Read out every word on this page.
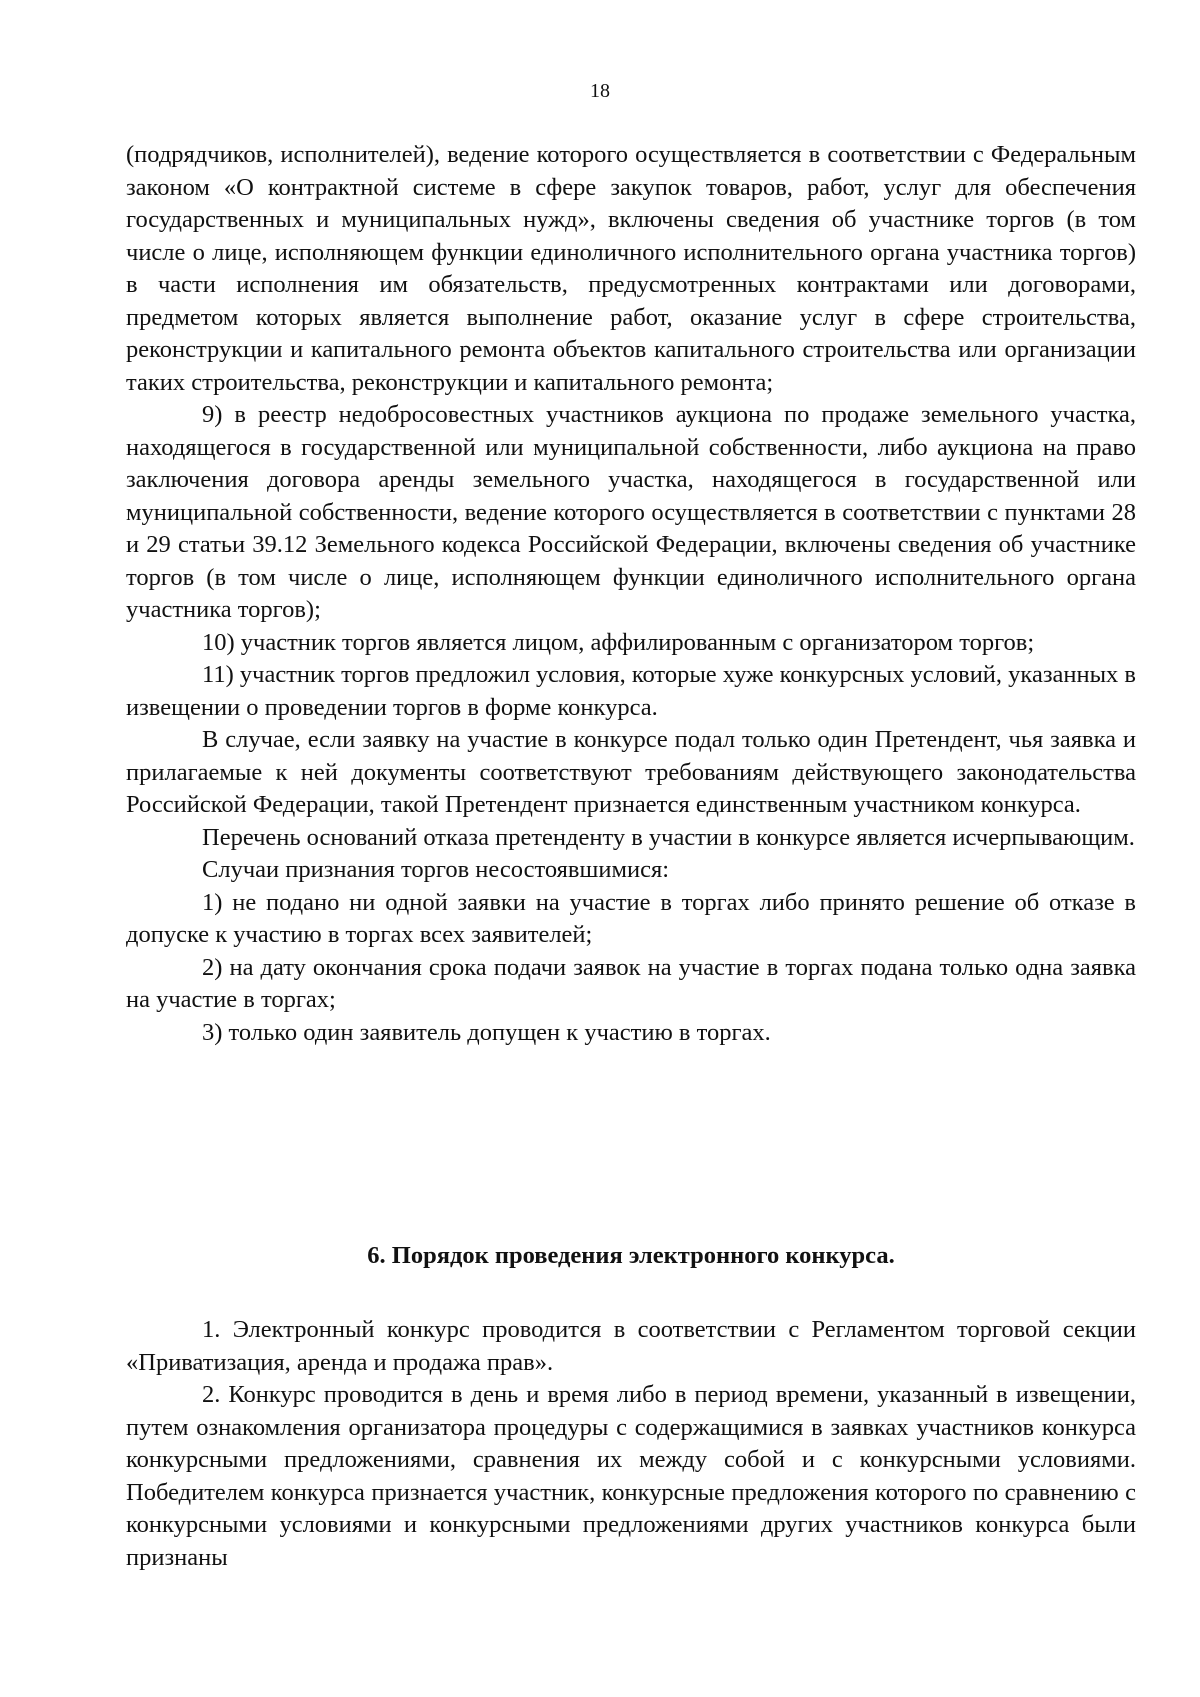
18

(подрядчиков, исполнителей), ведение которого осуществляется в соответствии с Федеральным законом «О контрактной системе в сфере закупок товаров, работ, услуг для обеспечения государственных и муниципальных нужд», включены сведения об участнике торгов (в том числе о лице, исполняющем функции единоличного исполнительного органа участника торгов) в части исполнения им обязательств, предусмотренных контрактами или договорами, предметом которых является выполнение работ, оказание услуг в сфере строительства, реконструкции и капитального ремонта объектов капитального строительства или организации таких строительства, реконструкции и капитального ремонта;

9) в реестр недобросовестных участников аукциона по продаже земельного участка, находящегося в государственной или муниципальной собственности, либо аукциона на право заключения договора аренды земельного участка, находящегося в государственной или муниципальной собственности, ведение которого осуществляется в соответствии с пунктами 28 и 29 статьи 39.12 Земельного кодекса Российской Федерации, включены сведения об участнике торгов (в том числе о лице, исполняющем функции единоличного исполнительного органа участника торгов);

10) участник торгов является лицом, аффилированным с организатором торгов;

11) участник торгов предложил условия, которые хуже конкурсных условий, указанных в извещении о проведении торгов в форме конкурса.

В случае, если заявку на участие в конкурсе подал только один Претендент, чья заявка и прилагаемые к ней документы соответствуют требованиям действующего законодательства Российской Федерации, такой Претендент признается единственным участником конкурса.

Перечень оснований отказа претенденту в участии в конкурсе является исчерпывающим.

Случаи признания торгов несостоявшимися:

1) не подано ни одной заявки на участие в торгах либо принято решение об отказе в допуске к участию в торгах всех заявителей;

2) на дату окончания срока подачи заявок на участие в торгах подана только одна заявка на участие в торгах;

3) только один заявитель допущен к участию в торгах.

6. Порядок проведения электронного конкурса.

1. Электронный конкурс проводится в соответствии с Регламентом торговой секции «Приватизация, аренда и продажа прав».

2. Конкурс проводится в день и время либо в период времени, указанный в извещении, путем ознакомления организатора процедуры с содержащимися в заявках участников конкурса конкурсными предложениями, сравнения их между собой и с конкурсными условиями. Победителем конкурса признается участник, конкурсные предложения которого по сравнению с конкурсными условиями и конкурсными предложениями других участников конкурса были признаны
